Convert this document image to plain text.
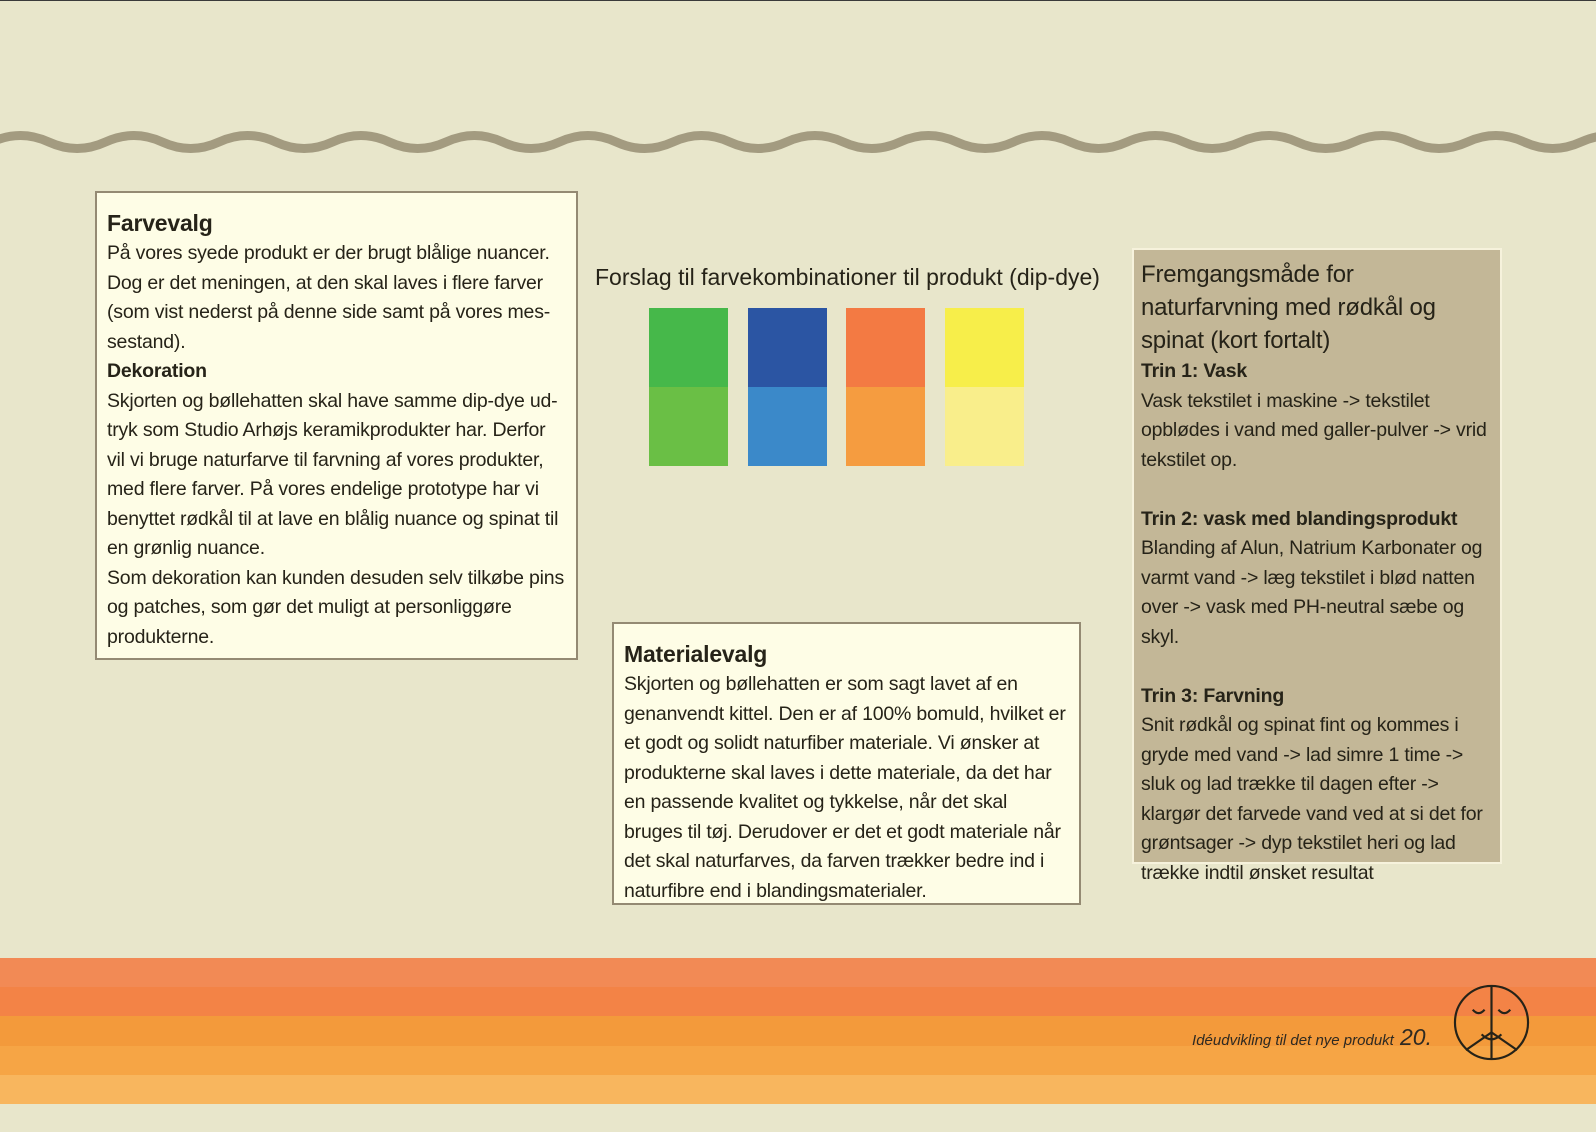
Farvevalg

På vores syede produkt er der brugt blålige nuancer. Dog er det meningen, at den skal laves i flere farver (som vist nederst på denne side samt på vores mes-sestand).

Dekoration

Skjorten og bøllehatten skal have samme dip-dye ud-tryk som Studio Arhøjs keramikprodukter har. Derfor vil vi bruge naturfarve til farvning af vores produkter, med flere farver. På vores endelige prototype har vi benyttet rødkål til at lave en blålig nuance og spinat til en grønlig nuance.

Som dekoration kan kunden desuden selv tilkøbe pins og patches, som gør det muligt at personliggøre produkterne.

Forslag til farvekombinationer til produkt (dip-dye)
Materialevalg

Skjorten og bøllehatten er som sagt lavet af en genanvendt kittel. Den er af 100% bomuld, hvilket er et godt og solidt naturfiber materiale. Vi ønsker at produkterne skal laves i dette materiale, da det har en passende kvalitet og tykkelse, når det skal bruges til tøj. Derudover er det et godt materiale når det skal naturfarves, da farven trækker bedre ind i naturfibre end i blandingsmaterialer.

Fremgangsmåde for naturfarvning med rødkål og spinat (kort fortalt)
Trin 1: Vask

Vask tekstilet i maskine -> tekstilet opblødes i vand med galler-pulver -> vrid tekstilet op.

Trin 2: vask med blandingsprodukt

Blanding af Alun, Natrium Karbonater og varmt vand -> læg tekstilet i blød natten over -> vask med PH-neutral sæbe og skyl.

Trin 3: Farvning

Snit rødkål og spinat fint og kommes i gryde med vand -> lad simre 1 time -> sluk og lad trække til dagen efter -> klargør det farvede vand ved at si det for grøntsager -> dyp tekstilet heri og lad trække indtil ønsket resultat

Idéudvikling til det nye produkt 20.
